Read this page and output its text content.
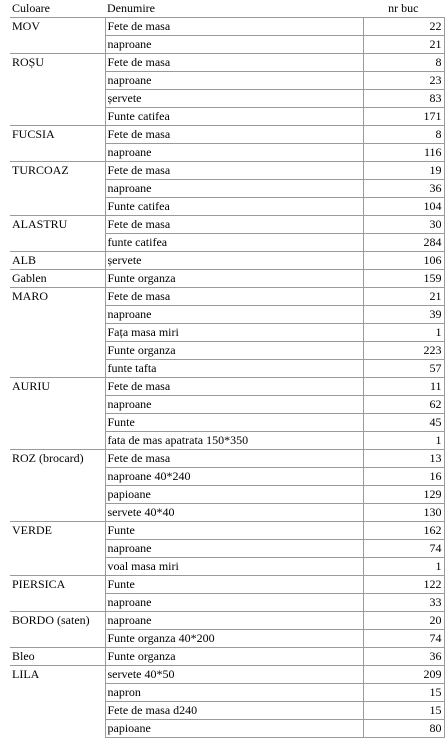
Culoare	Denumire	nr buc
MOV	Fete de masa	22
	naproane	21
ROȘU	Fete de masa	8
	naproane	23
	șervete	83
	Funte catifea	171
FUCSIA	Fete de masa	8
	naproane	116
TURCOAZ	Fete de masa	19
	naproane	36
	Funte catifea	104
ALASTRU	Fete de masa	30
	funte catifea	284
ALB	șervete	106
Gablen	Funte organza	159
MARO	Fete de masa	21
	naproane	39
	Fața masa miri	1
	Funte organza	223
	funte tafta	57
AURIU	Fete de masa	11
	naproane	62
	Funte	45
	fata de mas apatrata 150*350	1
ROZ (brocard)	Fete de masa	13
	naproane 40*240	16
	papioane	129
	servete 40*40	130
VERDE	Funte	162
	naproane	74
	voal masa miri	1
PIERSICA	Funte	122
	naproane	33
BORDO (saten)	naproane	20
	Funte organza 40*200	74
Bleo	Funte organza	36
LILA	servete 40*50	209
	napron	15
	Fete de masa d240	15
	papioane	80
